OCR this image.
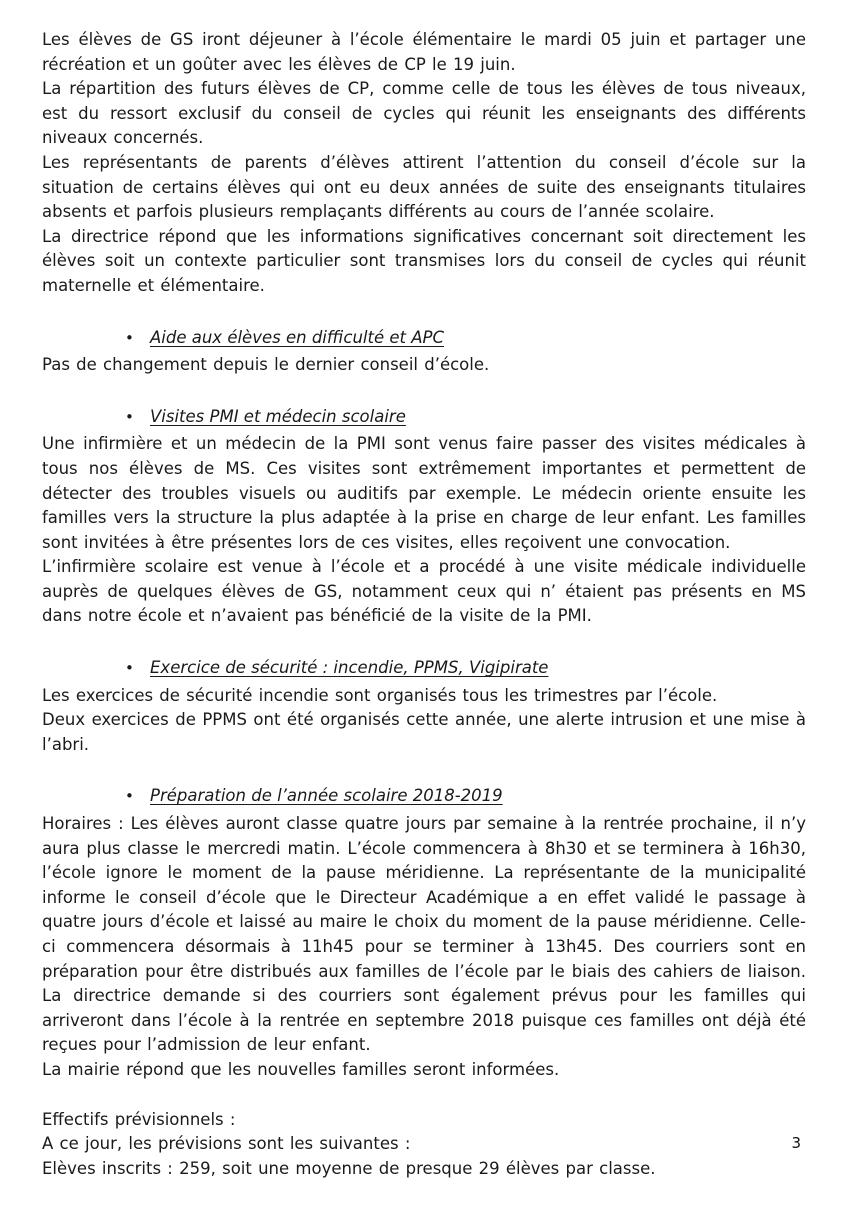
Les élèves de GS iront déjeuner à l’école élémentaire le mardi 05 juin et partager une récréation et un goûter avec les élèves de CP le 19 juin.

La répartition des futurs élèves de CP, comme celle de tous les élèves de tous niveaux, est du ressort exclusif du conseil de cycles qui réunit les enseignants des différents niveaux concernés.

Les représentants de parents d’élèves attirent l’attention du conseil d’école sur la situation de certains élèves qui ont eu deux années de suite des enseignants titulaires absents et parfois plusieurs remplaçants différents au cours de l’année scolaire.

La directrice répond que les informations significatives concernant soit directement les élèves soit un contexte particulier sont transmises lors du conseil de cycles qui réunit maternelle et élémentaire.

• Aide aux élèves en difficulté et APC

Pas de changement depuis le dernier conseil d’école.

• Visites PMI et médecin scolaire

Une infirmière et un médecin de la PMI sont venus faire passer des visites médicales à tous nos élèves de MS. Ces visites sont extrêmement importantes et permettent de détecter des troubles visuels ou auditifs par exemple. Le médecin oriente ensuite les familles vers la structure la plus adaptée à la prise en charge de leur enfant. Les familles sont invitées à être présentes lors de ces visites, elles reçoivent une convocation.

L’infirmière scolaire est venue à l’école et a procédé à une visite médicale individuelle auprès de quelques élèves de GS, notamment ceux qui n’ étaient pas présents en MS dans notre école et n’avaient pas bénéficié de la visite de la PMI.

• Exercice de sécurité : incendie, PPMS, Vigipirate

Les exercices de sécurité incendie sont organisés tous les trimestres par l’école.

Deux exercices de PPMS ont été organisés cette année, une alerte intrusion et une mise à l’abri.

• Préparation de l’année scolaire 2018-2019

Horaires : Les élèves auront classe quatre jours par semaine à la rentrée prochaine, il n’y aura plus classe le mercredi matin. L’école commencera à 8h30 et se terminera à 16h30, l’école ignore le moment de la pause méridienne. La représentante de la municipalité informe le conseil d’école que le Directeur Académique a en effet validé le passage à quatre jours d’école et laissé au maire le choix du moment de la pause méridienne. Celle-ci commencera désormais à 11h45 pour se terminer à 13h45. Des courriers sont en préparation pour être distribués aux familles de l’école par le biais des cahiers de liaison. La directrice demande si des courriers sont également prévus pour les familles qui arriveront dans l’école à la rentrée en septembre 2018 puisque ces familles ont déjà été reçues pour l’admission de leur enfant.

La mairie répond que les nouvelles familles seront informées.

Effectifs prévisionnels :

A ce jour, les prévisions sont les suivantes :

Elèves inscrits : 259, soit une moyenne de presque 29 élèves par classe.

3
